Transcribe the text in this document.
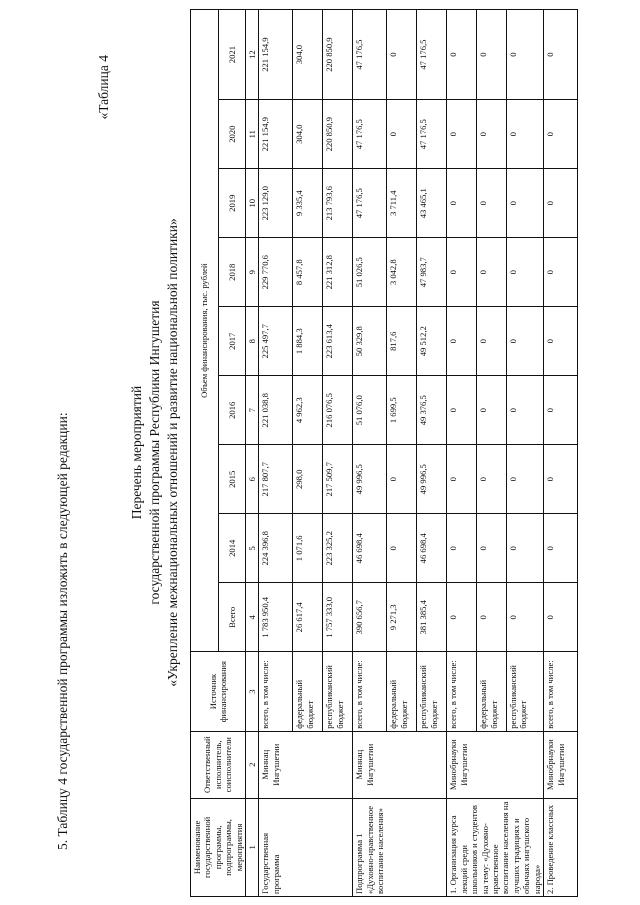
5. Таблицу 4 государственной программы изложить в следующей редакции:
«Таблица 4
Перечень мероприятий государственной программы Республики Ингушетия «Укрепление межнациональных отношений и развитие национальной политики»
Наименование государственной программы, подпрограммы, мероприятия	Ответственный исполнитель, соисполнители	Источник финансирования	Объем финансирования, тыс. рублей								
			Всего	2014	2015	2016	2017	2018	2019	2020	2021
1	2	3	4	5	6	7	8	9	10	11	12
Государственная программа	Миннац Ингушетии	всего, в том числе:	1 783 950,4	224 396,8	217 807,7	221 038,8	225 497,7	229 770,6	223 129,0	221 154,9	221 154,9
		федеральный бюджет	26 617,4	1 071,6	298,0	4 962,3	1 884,3	8 457,8	9 335,4	304,0	304,0
		республиканский бюджет	1 757 333,0	223 325,2	217 509,7	216 076,5	223 613,4	221 312,8	213 793,6	220 850,9	220 850,9
Подпрограмма 1 «Духовно-нравственное воспитание населения»	Миннац Ингушетии	всего, в том числе:	390 656,7	46 698,4	49 996,5	51 076,0	50 329,8	51 026,5	47 176,5	47 176,5	47 176,5
		федеральный бюджет	9 271,3	0	0	1 699,5	817,6	3 042,8	3 711,4	0	0
		республиканский бюджет	381 385,4	46 698,4	49 996,5	49 376,5	49 512,2	47 983,7	43 465,1	47 176,5	47 176,5
1. Организация курса лекций среди школьников и студентов на тему: «Духовно-нравственное воспитание населения на лучших традициях и обычаях ингушского народа»	Минобрнауки Ингушетии	всего, в том числе:	0	0	0	0	0	0	0	0	0
		федеральный бюджет	0	0	0	0	0	0	0	0	0
		республиканский бюджет	0	0	0	0	0	0	0	0	0
2. Проведение классных	Минобрнауки Ингушетии	всего, в том числе:	0	0	0	0	0	0	0	0	0
